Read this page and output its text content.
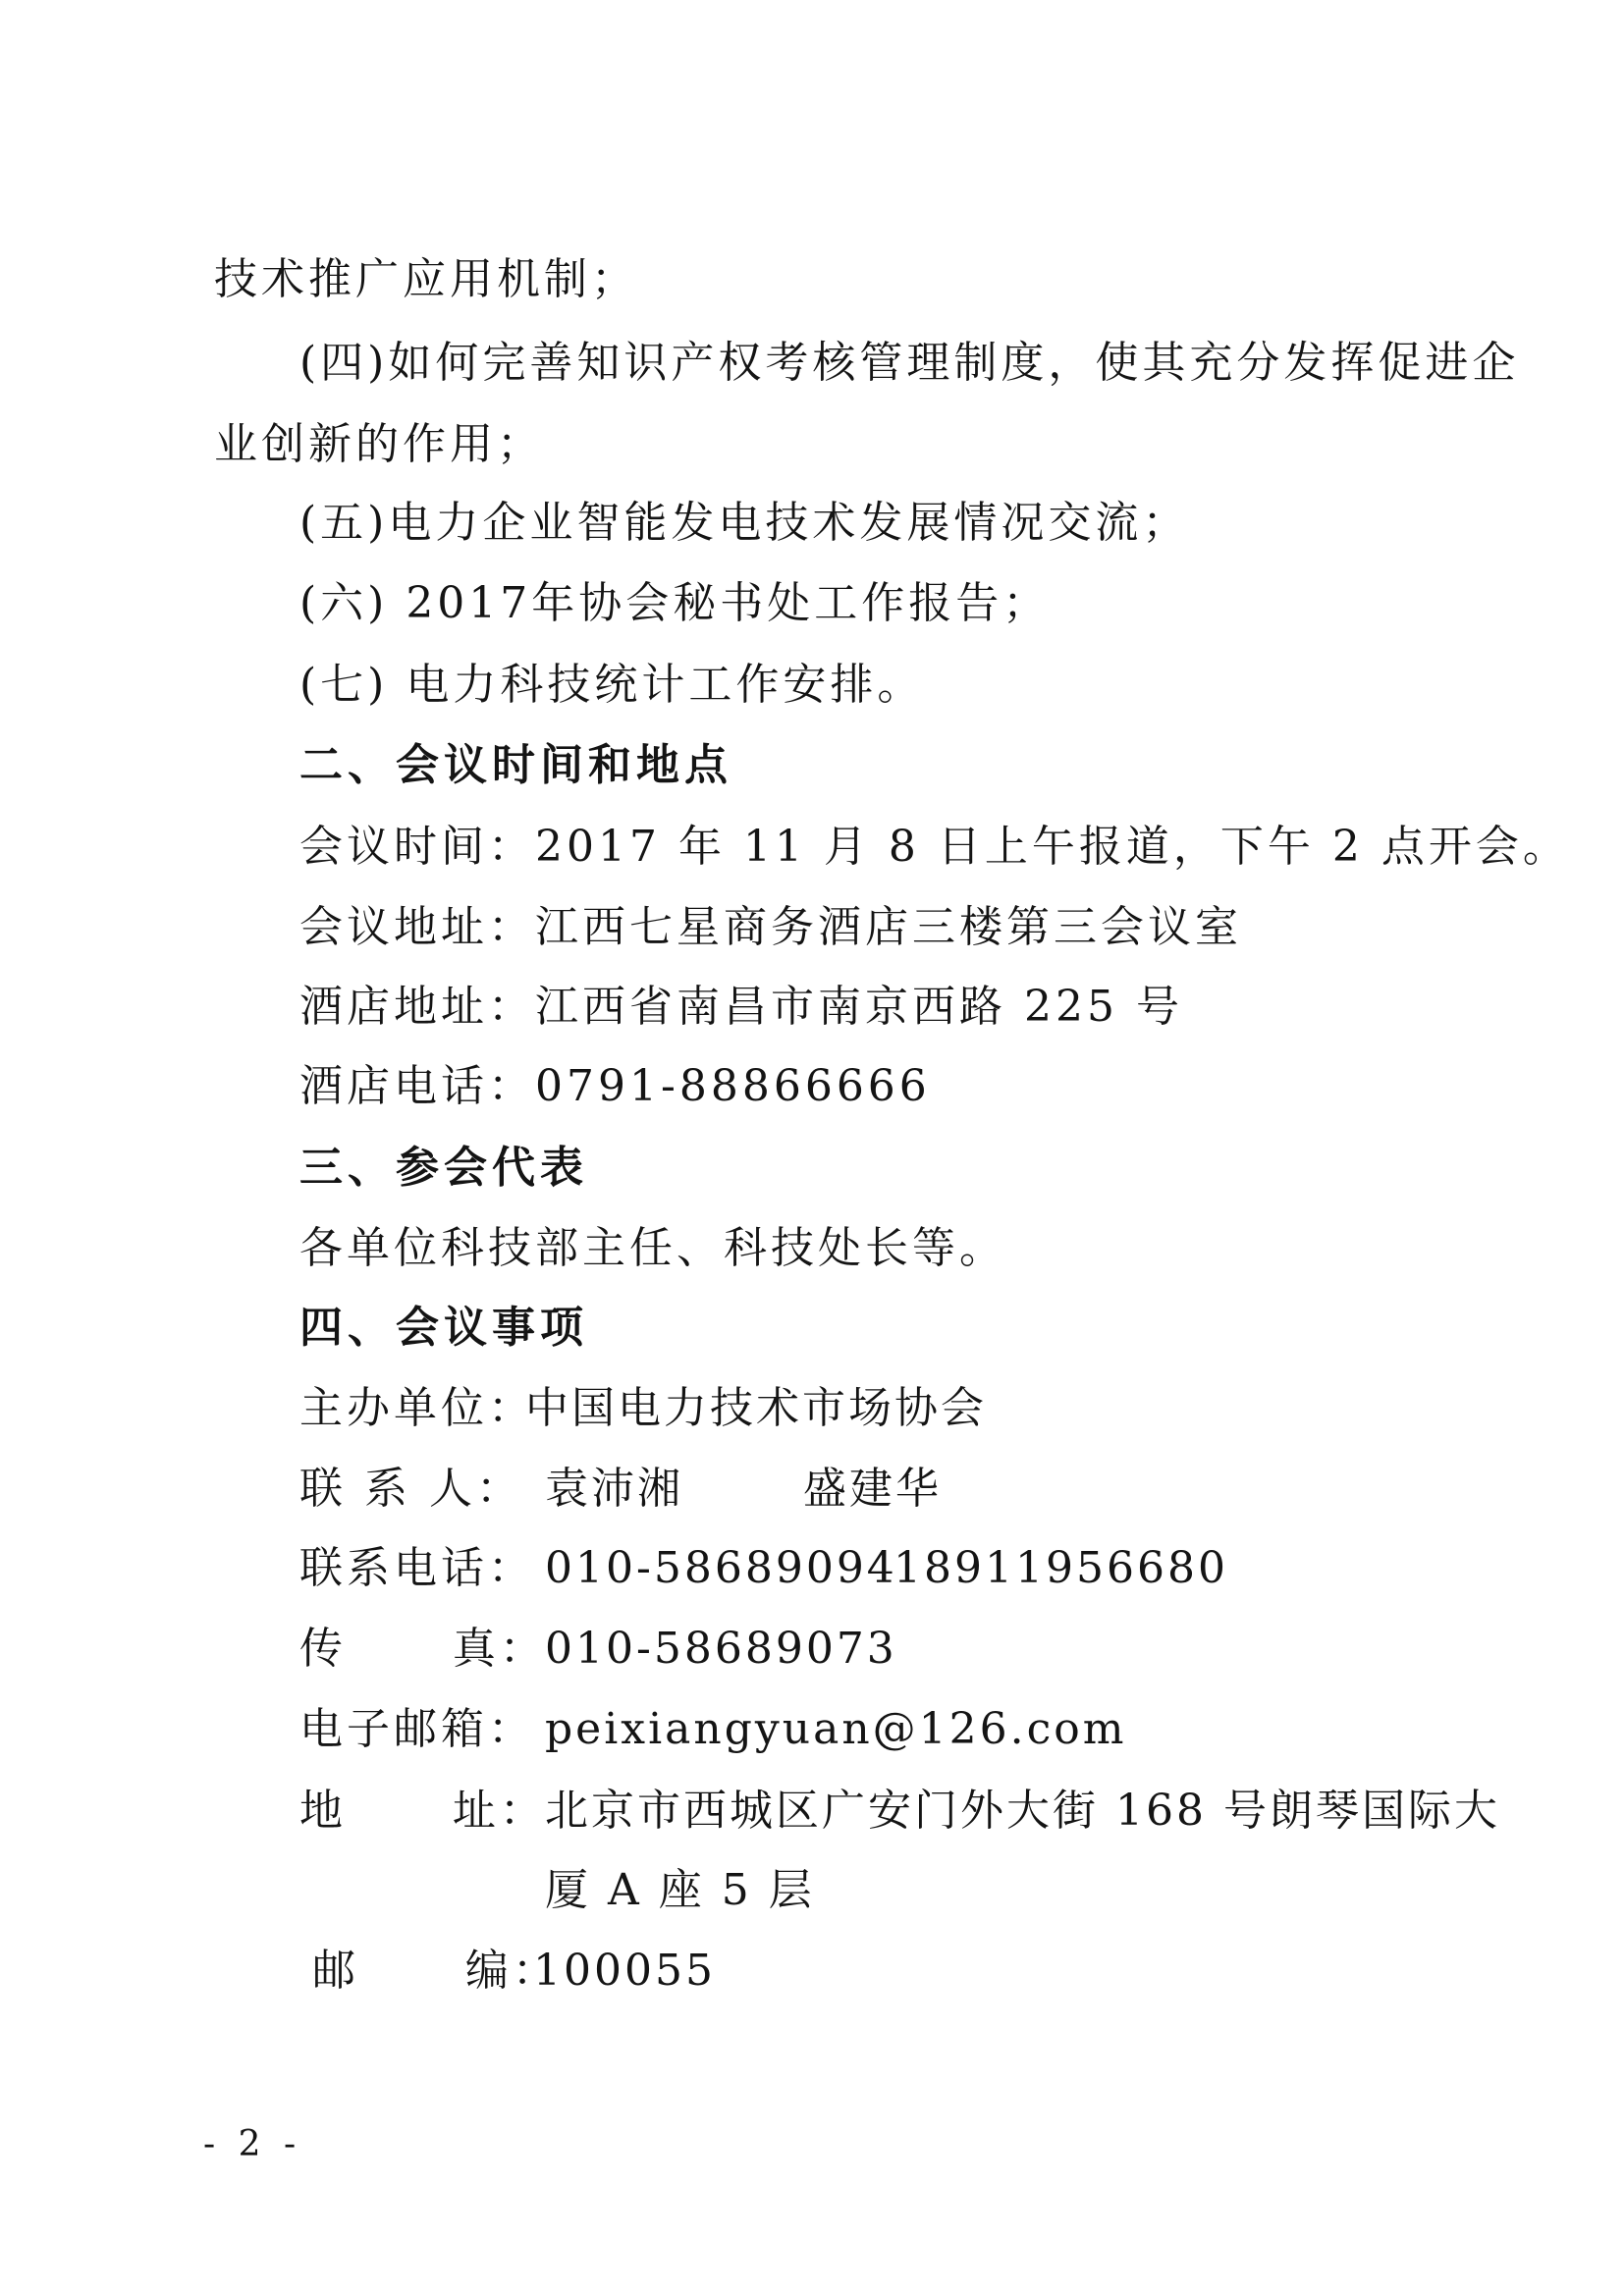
技术推广应用机制；
(四)如何完善知识产权考核管理制度，使其充分发挥促进企
业创新的作用；
(五)电力企业智能发电技术发展情况交流；
(六) 2017年协会秘书处工作报告；
(七) 电力科技统计工作安排。
二、会议时间和地点
会议时间：2017 年 11 月 8 日上午报道，下午 2 点开会。
会议地址：江西七星商务酒店三楼第三会议室
酒店地址：江西省南昌市南京西路 225 号
酒店电话：0791-88866666
三、参会代表
各单位科技部主任、科技处长等。
四、会议事项
主办单位：
中国电力技术市场协会
联 系 人： 袁沛湘	盛建华
联系电话： 010-58689094
18911956680
传      真：
010-58689073
电子邮箱： peixiangyuan@126.com
地      址：
北京市西城区广安门外大街 168 号朗琴国际大
厦 A 座 5 层
邮      编：
100055
- 2 -
